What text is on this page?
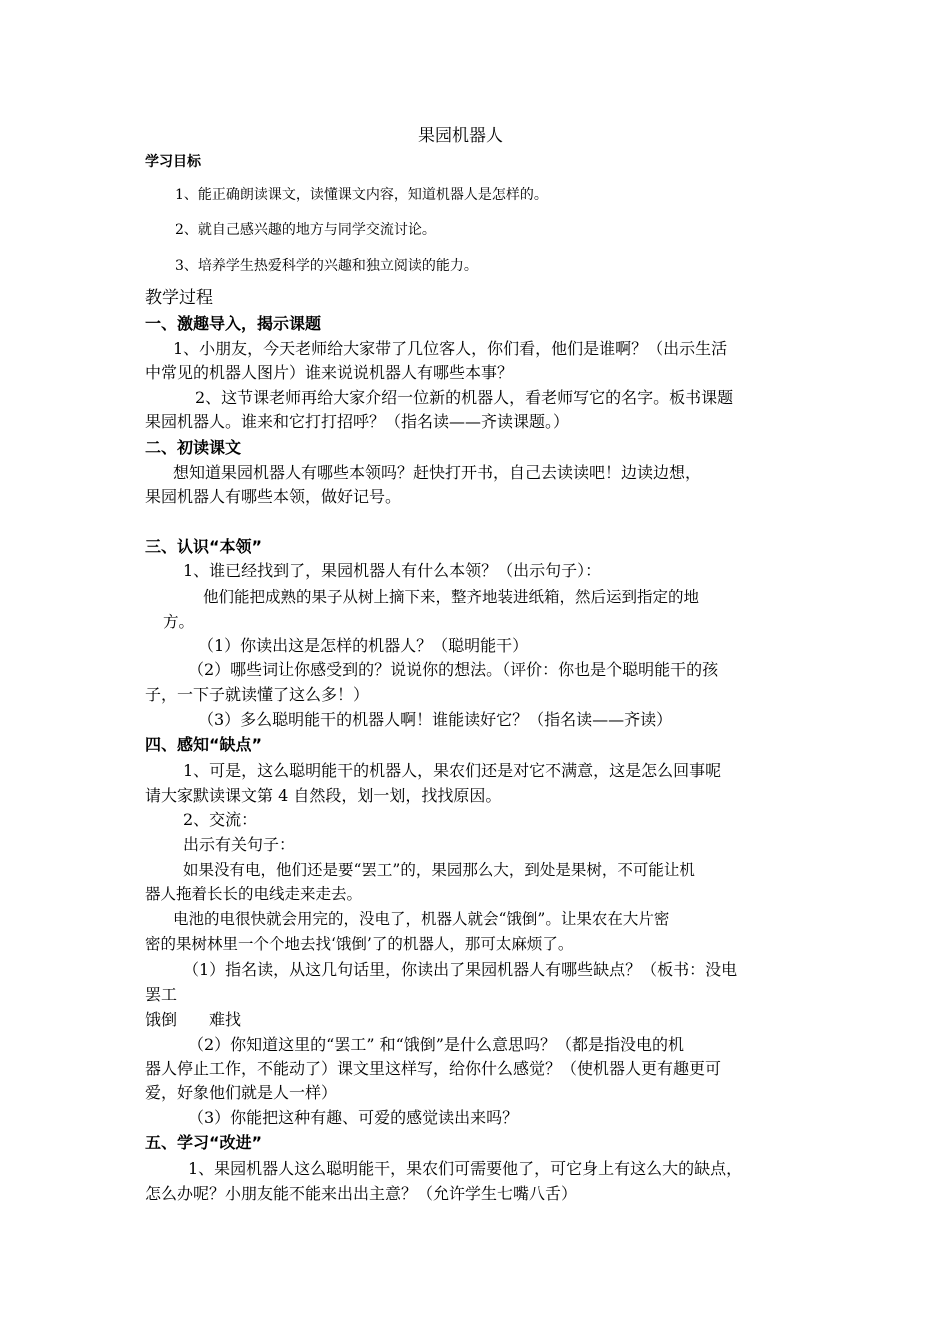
果园机器人
学习目标
1、能正确朗读课文，读懂课文内容，知道机器人是怎样的。
2、就自己感兴趣的地方与同学交流讨论。
3、培养学生热爱科学的兴趣和独立阅读的能力。
教学过程
一、激趣导入，揭示课题
1、小朋友，今天老师给大家带了几位客人，你们看，他们是谁啊？（出示生活
中常见的机器人图片）谁来说说机器人有哪些本事？
2、这节课老师再给大家介绍一位新的机器人，看老师写它的名字。板书课题
果园机器人。谁来和它打打招呼？（指名读——齐读课题。）
二、初读课文
想知道果园机器人有哪些本领吗？赶快打开书，自己去读读吧！边读边想，
果园机器人有哪些本领，做好记号。
三、认识“本领”
1、谁已经找到了，果园机器人有什么本领？（出示句子）：
他们能把成熟的果子从树上摘下来，整齐地装进纸箱，然后运到指定的地
方。
（1）你读出这是怎样的机器人？（聪明能干）
（2）哪些词让你感受到的？说说你的想法。（评价：你也是个聪明能干的孩
子，一下子就读懂了这么多！）
（3）多么聪明能干的机器人啊！谁能读好它？（指名读——齐读）
四、感知“缺点”
1、可是，这么聪明能干的机器人，果农们还是对它不满意，这是怎么回事呢
请大家默读课文第 4 自然段，划一划，找找原因。
2、交流：
出示有关句子：
如果没有电，他们还是要“罢工”的，果园那么大，到处是果树，不可能让机
器人拖着长长的电线走来走去。
电池的电很快就会用完的，没电了，机器人就会“饿倒”。让果农在大片密
密的果树林里一个个地去找‘饿倒’了的机器人，那可太麻烦了。
（1）指名读，从这几句话里，你读出了果园机器人有哪些缺点？（板书：没电
罢工
饿倒　　难找
（2）你知道这里的“罢工” 和“饿倒”是什么意思吗？（都是指没电的机
器人停止工作，不能动了）课文里这样写，给你什么感觉？（使机器人更有趣更可
爱，好象他们就是人一样）
（3）你能把这种有趣、可爱的感觉读出来吗？
五、学习“改进”
1、果园机器人这么聪明能干，果农们可需要他了，可它身上有这么大的缺点，
怎么办呢？小朋友能不能来出出主意？（允许学生七嘴八舌）
